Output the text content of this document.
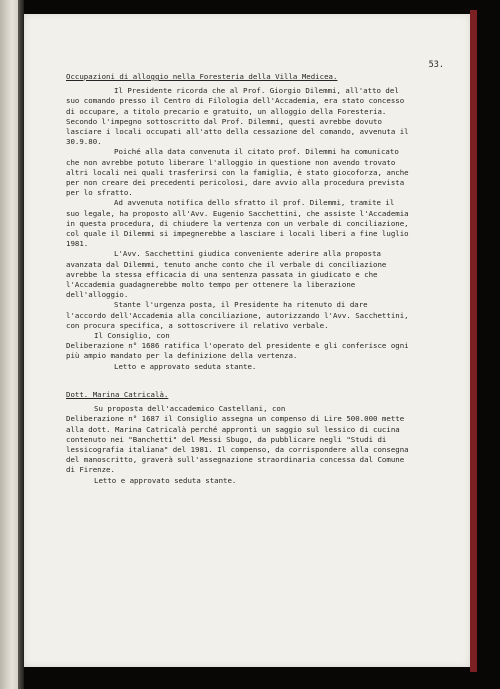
53.
Occupazioni di alloggio nella Foresteria della Villa Medicea.

Il Presidente ricorda che al Prof. Giorgio Dilemmi, all'atto del suo comando presso il Centro di Filologia dell'Accademia, era stato concesso di occupare, a titolo precario e gratuito, un alloggio della Foresteria. Secondo l'impegno sottoscritto dal Prof. Dilemmi, questi avrebbe dovuto lasciare i locali occupati all'atto della cessazione del comando, avvenuta il 30.9.80.

Poiché alla data convenuta il citato prof. Dilemmi ha comunicato che non avrebbe potuto liberare l'alloggio in questione non avendo trovato altri locali nei quali trasferirsi con la famiglia, è stato giocoforza, anche per non creare dei precedenti pericolosi, dare avvio alla procedura prevista per lo sfratto.

Ad avvenuta notifica dello sfratto il prof. Dilemmi, tramite il suo legale, ha proposto all'Avv. Eugenio Sacchettini, che assiste l'Accademia in questa procedura, di chiudere la vertenza con un verbale di conciliazione, col quale il Dilemmi si impegnerebbe a lasciare i locali liberi a fine luglio 1981.

L'Avv. Sacchettini giudica conveniente aderire alla proposta avanzata dal Dilemmi, tenuto anche conto che il verbale di conciliazione avrebbe la stessa efficacia di una sentenza passata in giudicato e che l'Accademia guadagnerebbe molto tempo per ottenere la liberazione dell'alloggio.

Stante l'urgenza posta, il Presidente ha ritenuto di dare l'accordo dell'Accademia alla conciliazione, autorizzando l'Avv. Sacchettini, con procura specifica, a sottoscrivere il relativo verbale.

Il Consiglio, con

Deliberazione n° 1686 ratifica l'operato del presidente e gli conferisce ogni più ampio mandato per la definizione della vertenza.

Letto e approvato seduta stante.

Dott. Marina Catricalà.

Su proposta dell'accademico Castellani, con

Deliberazione n° 1687 il Consiglio assegna un compenso di Lire 500.000 mette alla dott. Marina Catricalà perché approntì un saggio sul lessico di cucina contenuto nei "Banchetti" del Messi Sbugo, da pubblicare negli "Studi di lessicografia italiana" del 1981. Il compenso, da corrispondere alla consegna del manoscritto, graverà sull'assegnazione straordinaria concessa dal Comune di Firenze.

Letto e approvato seduta stante.
